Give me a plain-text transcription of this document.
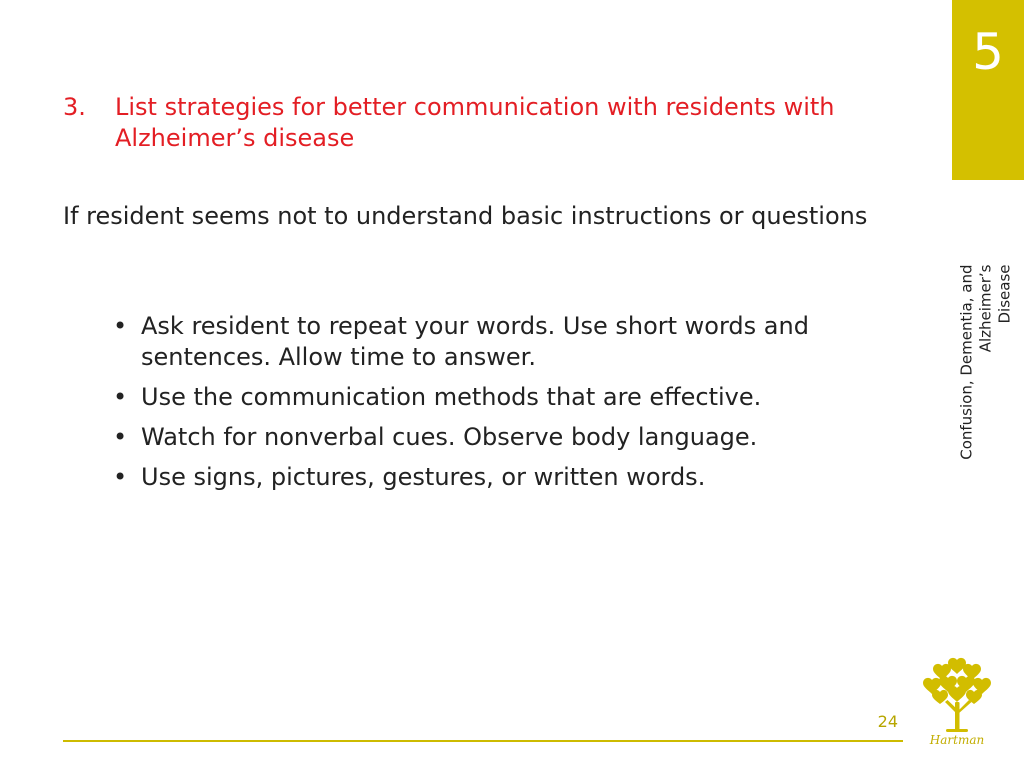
5
Confusion, Dementia, and Alzheimer’s Disease
3.	List strategies for better communication with residents with Alzheimer’s disease

If resident seems not to understand basic instructions or questions

• Ask resident to repeat your words. Use short words and sentences. Allow time to answer.
• Use the communication methods that are effective.
• Watch for nonverbal cues. Observe body language.
• Use signs, pictures, gestures, or written words.
24
Hartman
